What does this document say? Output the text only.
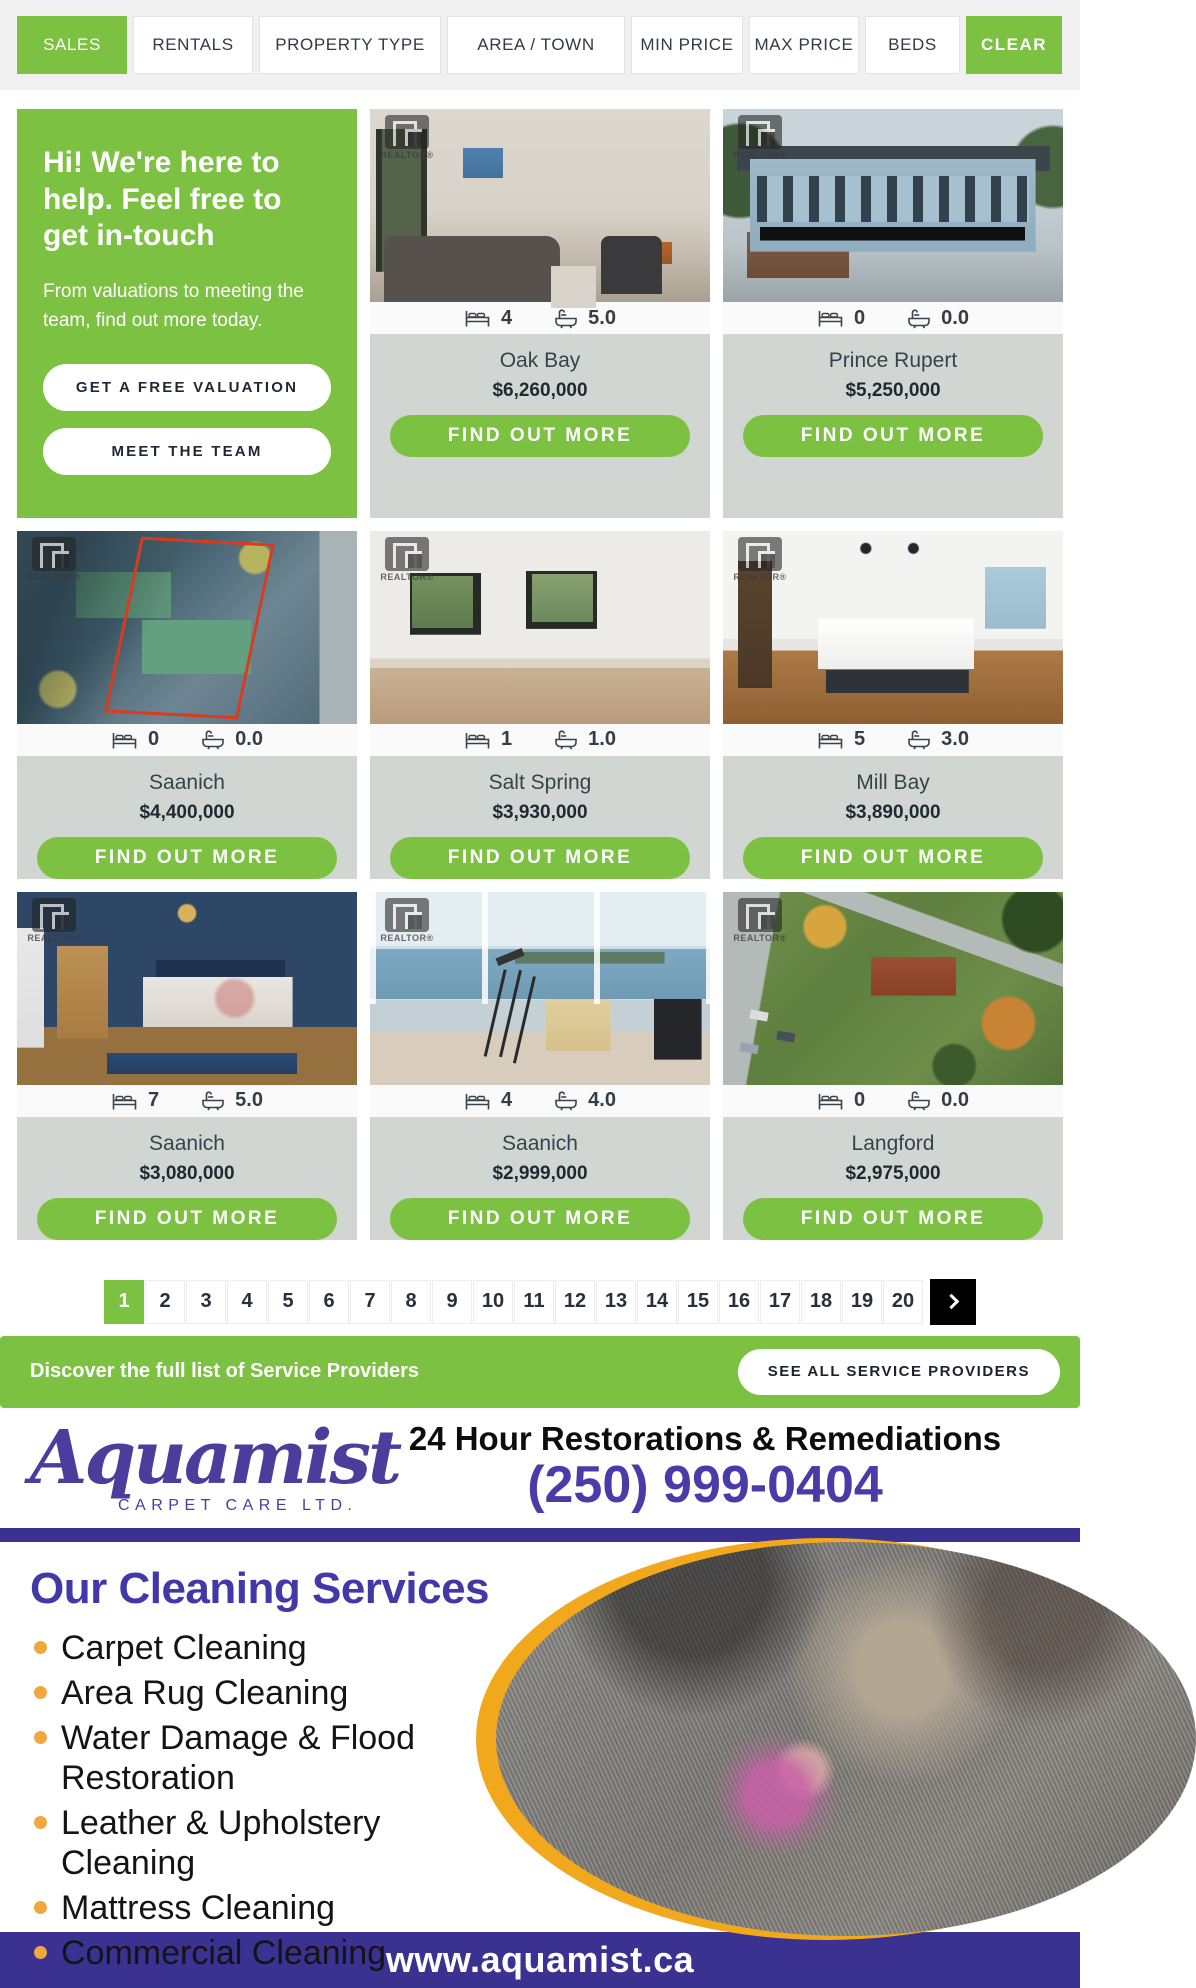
SALES	RENTALS	PROPERTY TYPE	AREA / TOWN	MIN PRICE	MAX PRICE	BEDS	CLEAR
Hi! We're here to help. Feel free to get in-touch

From valuations to meeting the team, find out more today.

GET A FREE VALUATION
MEET THE TEAM
REALTOR®
4	5.0
Oak Bay
$6,260,000
FIND OUT MORE
REALTOR®
0	0.0
Prince Rupert
$5,250,000
FIND OUT MORE
REALTOR®
0	0.0
Saanich
$4,400,000
FIND OUT MORE
REALTOR®
1	1.0
Salt Spring
$3,930,000
FIND OUT MORE
REALTOR®
5	3.0
Mill Bay
$3,890,000
FIND OUT MORE
REALTOR®
7	5.0
Saanich
$3,080,000
FIND OUT MORE
REALTOR®
4	4.0
Saanich
$2,999,000
FIND OUT MORE
REALTOR®
0	0.0
Langford
$2,975,000
FIND OUT MORE
1	2	3	4	5	6	7	8	9	10 11 12 13 14 15 16 17 18 19 20
Discover the full list of Service Providers	SEE ALL SERVICE PROVIDERS
Aquamist
CARPET CARE LTD.
24 Hour Restorations & Remediations
(250) 999-0404
Our Cleaning Services
Carpet Cleaning
Area Rug Cleaning
Water Damage & Flood Restoration
Leather & Upholstery Cleaning
Mattress Cleaning
Commercial Cleaning www.aquamist.ca
